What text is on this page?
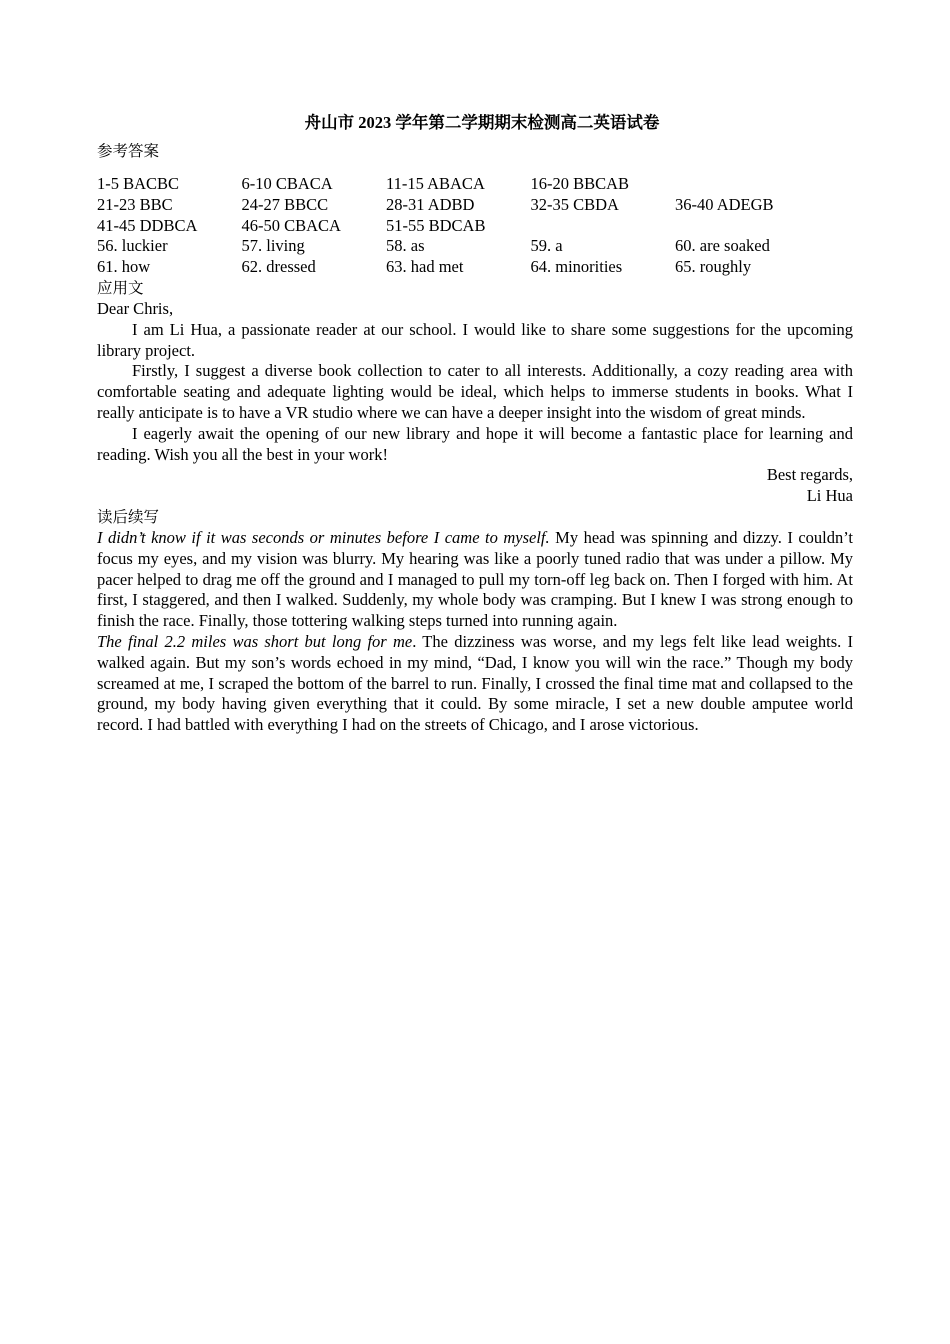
舟山市 2023 学年第二学期期末检测高二英语试卷
参考答案
1-5 BACBC	6-10 CBACA	11-15 ABACA	16-20 BBCAB
21-23 BBC	24-27 BBCC	28-31 ADBD	32-35 CBDA	36-40 ADEGB
41-45 DDBCA	46-50 CBACA	51-55 BDCAB
56. luckier	57. living	58. as	59. a	60. are soaked
61. how	62. dressed	63. had met	64. minorities	65. roughly
应用文

Dear Chris,

I am Li Hua, a passionate reader at our school. I would like to share some suggestions for the upcoming library project.

Firstly, I suggest a diverse book collection to cater to all interests. Additionally, a cozy reading area with comfortable seating and adequate lighting would be ideal, which helps to immerse students in books. What I really anticipate is to have a VR studio where we can have a deeper insight into the wisdom of great minds.

I eagerly await the opening of our new library and hope it will become a fantastic place for learning and reading. Wish you all the best in your work!

Best regards,

Li Hua

读后续写

I didn’t know if it was seconds or minutes before I came to myself. My head was spinning and dizzy. I couldn’t focus my eyes, and my vision was blurry. My hearing was like a poorly tuned radio that was under a pillow. My pacer helped to drag me off the ground and I managed to pull my torn-off leg back on. Then I forged with him. At first, I staggered, and then I walked. Suddenly, my whole body was cramping. But I knew I was strong enough to finish the race. Finally, those tottering walking steps turned into running again.

The final 2.2 miles was short but long for me. The dizziness was worse, and my legs felt like lead weights. I walked again. But my son’s words echoed in my mind, “Dad, I know you will win the race.” Though my body screamed at me, I scraped the bottom of the barrel to run. Finally, I crossed the final time mat and collapsed to the ground, my body having given everything that it could. By some miracle, I set a new double amputee world record. I had battled with everything I had on the streets of Chicago, and I arose victorious.
